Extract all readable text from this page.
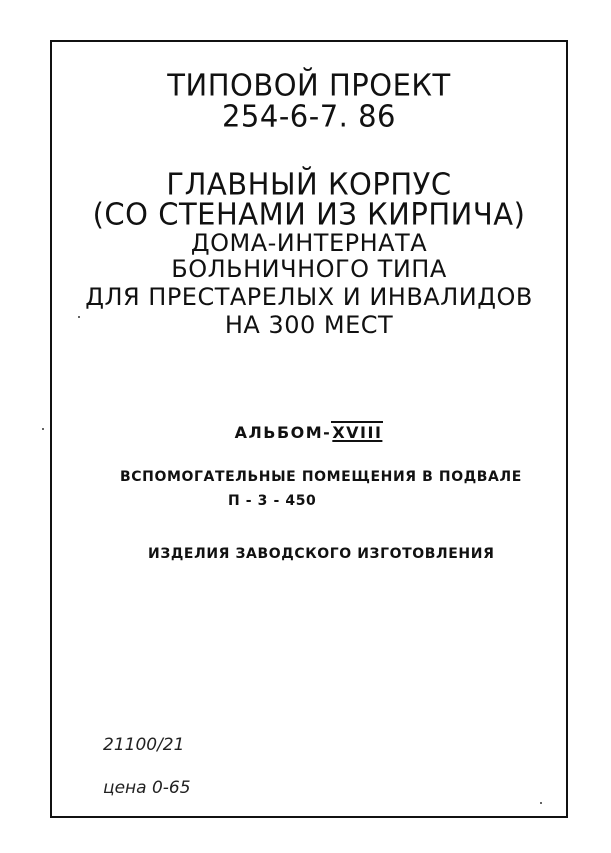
ТИПОВОЙ ПРОЕКТ
254-6-7. 86
ГЛАВНЫЙ КОРПУС
(СО СТЕНАМИ ИЗ КИРПИЧА)
ДОМА-ИНТЕРНАТА
БОЛЬНИЧНОГО ТИПА
ДЛЯ ПРЕСТАРЕЛЫХ И ИНВАЛИДОВ
НА 300 МЕСТ
АЛЬБОМ-XVIII
ВСПОМОГАТЕЛЬНЫЕ ПОМЕЩЕНИЯ В ПОДВАЛЕ
П - 3 - 450
ИЗДЕЛИЯ ЗАВОДСКОГО ИЗГОТОВЛЕНИЯ
21100/21
цена 0-65
